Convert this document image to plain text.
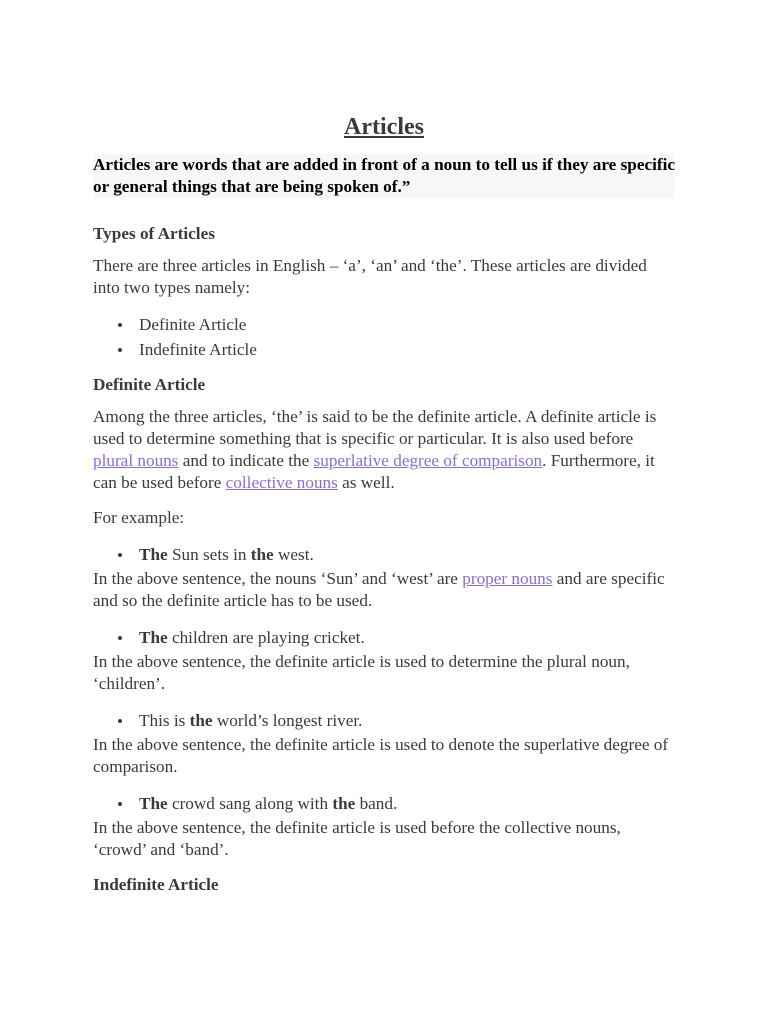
Articles
Articles are words that are added in front of a noun to tell us if they are specific or general things that are being spoken of.”
Types of Articles

There are three articles in English – ‘a’, ‘an’ and ‘the’. These articles are divided into two types namely:

Definite Article
Indefinite Article
Definite Article

Among the three articles, ‘the’ is said to be the definite article. A definite article is used to determine something that is specific or particular. It is also used before plural nouns and to indicate the superlative degree of comparison. Furthermore, it can be used before collective nouns as well.

For example:

The Sun sets in the west.

In the above sentence, the nouns ‘Sun’ and ‘west’ are proper nouns and are specific and so the definite article has to be used.

The children are playing cricket.

In the above sentence, the definite article is used to determine the plural noun, ‘children’.

This is the world’s longest river.

In the above sentence, the definite article is used to denote the superlative degree of comparison.

The crowd sang along with the band.

In the above sentence, the definite article is used before the collective nouns, ‘crowd’ and ‘band’.

Indefinite Article
